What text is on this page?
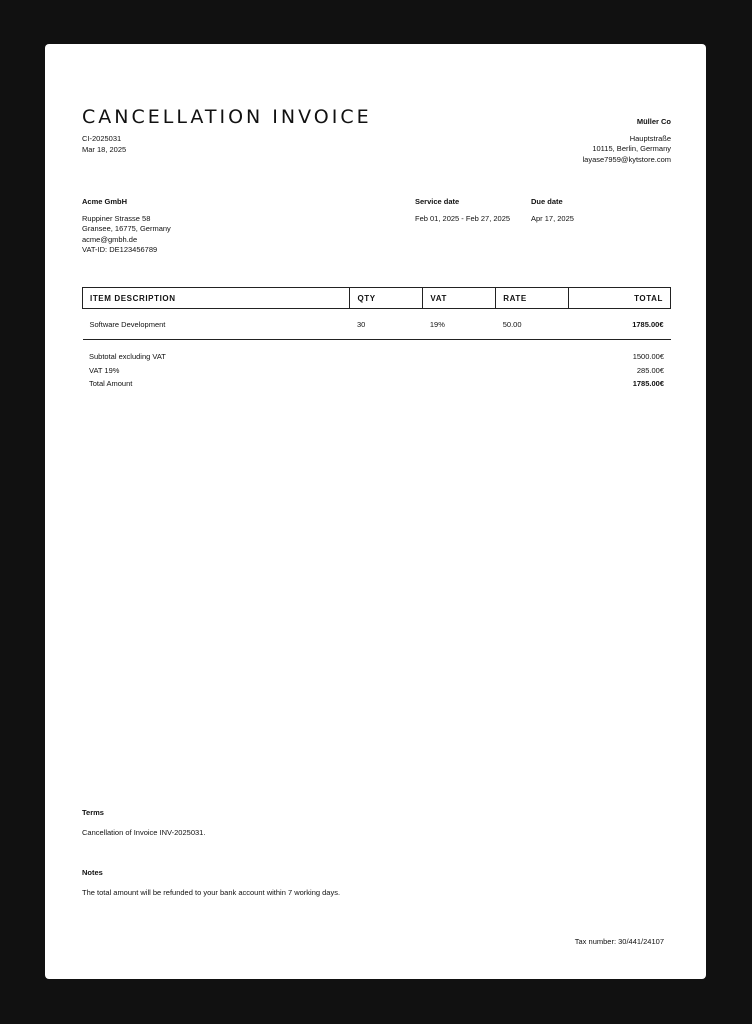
CANCELLATION INVOICE
CI-2025031
Mar 18, 2025
Müller Co
Hauptstraße
10115, Berlin, Germany
layase7959@kytstore.com
Acme GmbH
Ruppiner Strasse 58
Gransee, 16775, Germany
acme@gmbh.de
VAT-ID: DE123456789
Service date
Feb 01, 2025 - Feb 27, 2025
Due date
Apr 17, 2025
ITEM DESCRIPTION	QTY	VAT	RATE	TOTAL
Software Development	30	19%	50.00	1785.00€
Subtotal excluding VAT	1500.00€
VAT 19%	285.00€
Total Amount	1785.00€
Terms
Cancellation of Invoice INV-2025031.
Notes
The total amount will be refunded to your bank account within 7 working days.
Tax number: 30/441/24107
